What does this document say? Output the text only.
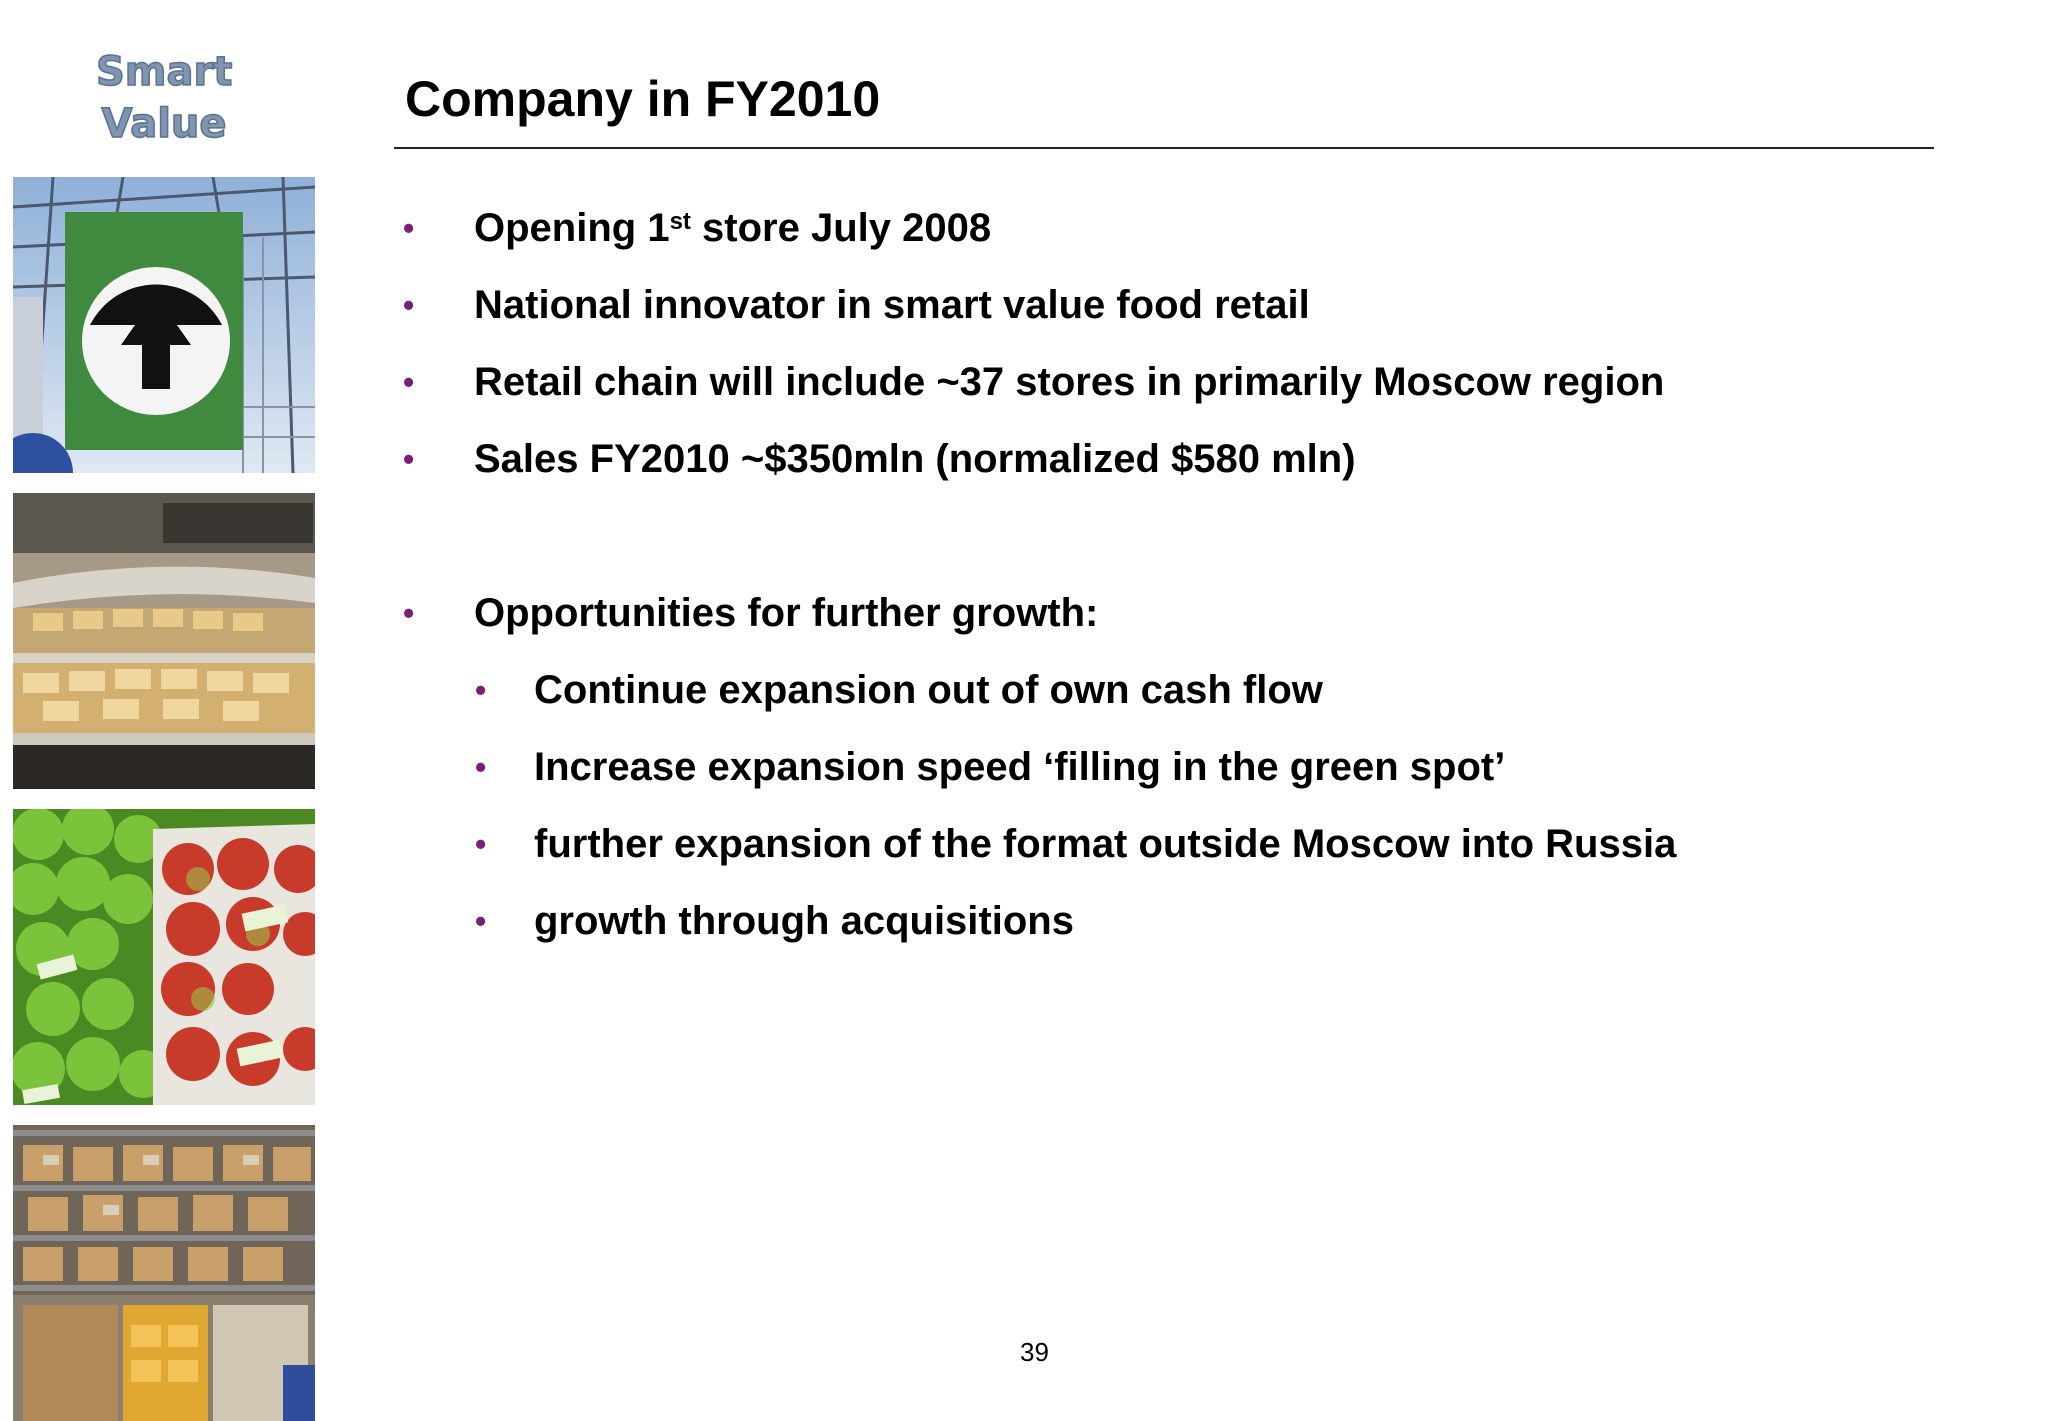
Smart
Value	Company in FY2010
• Opening 1st store July 2008
• National innovator in smart value food retail
• Retail chain will include ~37 stores in primarily Moscow region
• Sales FY2010 ~$350mln (normalized $580 mln)
• Opportunities for further growth:
• Continue expansion out of own cash flow
• Increase expansion speed ‘filling in the green spot’
• further expansion of the format outside Moscow into Russia
• growth through acquisitions
39
